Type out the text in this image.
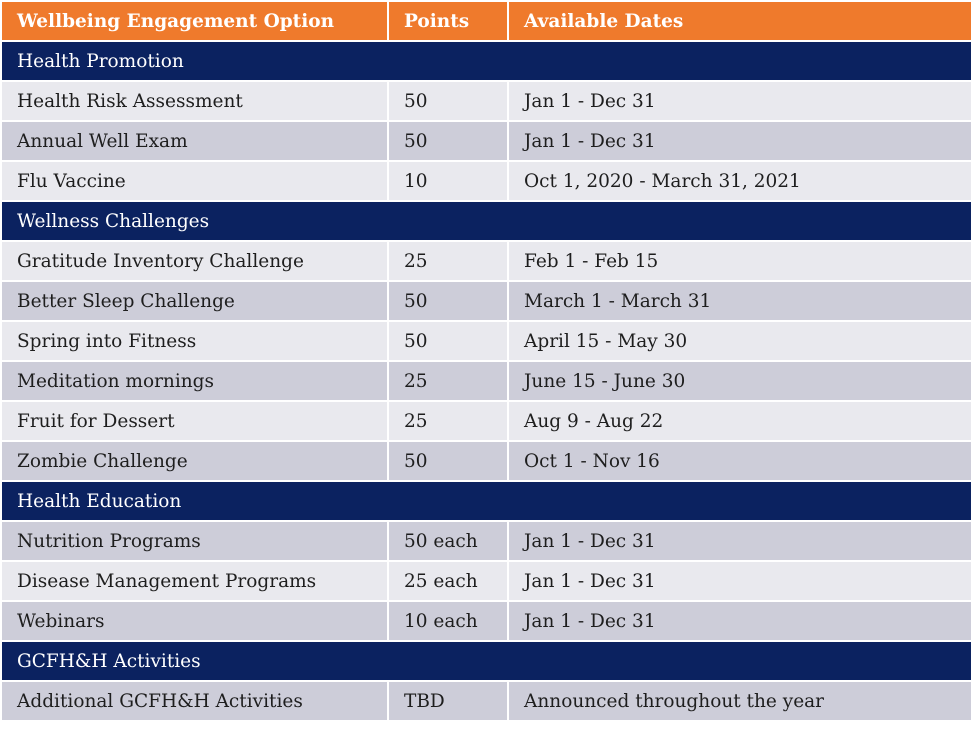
Wellbeing Engagement Option	Points	Available Dates
Health Promotion		
Health Risk Assessment	50	Jan 1 - Dec 31
Annual Well Exam	50	Jan 1 - Dec 31
Flu Vaccine	10	Oct 1, 2020 - March 31, 2021
Wellness Challenges		
Gratitude Inventory Challenge	25	Feb 1 - Feb 15
Better Sleep Challenge	50	March 1 - March 31
Spring into Fitness	50	April 15 - May 30
Meditation mornings	25	June 15 - June 30
Fruit for Dessert	25	Aug 9 - Aug 22
Zombie Challenge	50	Oct 1 - Nov 16
Health Education		
Nutrition Programs	50 each	Jan 1 - Dec 31
Disease Management Programs	25 each	Jan 1 - Dec 31
Webinars	10 each	Jan 1 - Dec 31
GCFH&H Activities		
Additional GCFH&H Activities	TBD	Announced throughout the year
